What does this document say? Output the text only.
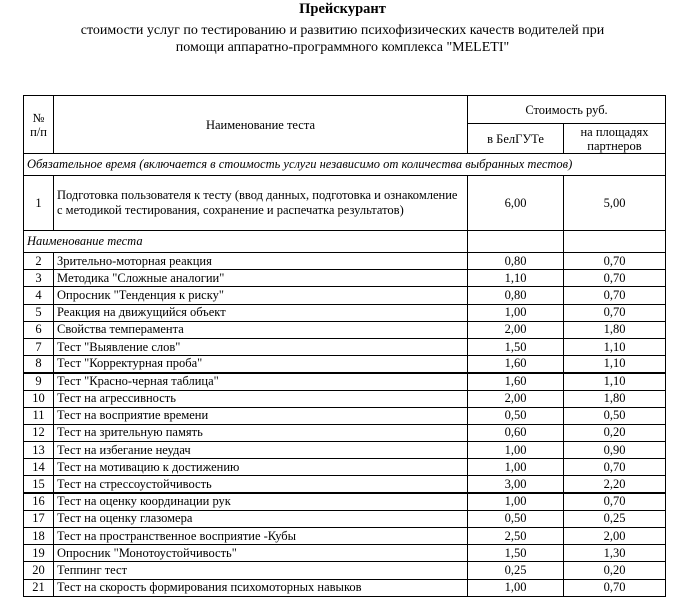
Прейскурант
стоимости услуг по тестированию и развитию психофизических качеств водителей при
помощи аппаратно-программного комплекса "MELETI"
№ п/п	Наименование теста	Стоимость руб.	
		в БелГУТе	на площадях партнеров
Обязательное время (включается в стоимость услуги независимо от количества выбранных тестов)			
1	Подготовка пользователя к тесту (ввод данных, подготовка и ознакомление с методикой тестирования, сохранение и распечатка результатов)	6,00	5,00
Наименование теста			
2	Зрительно-моторная реакция	0,80	0,70
3	Методика "Сложные аналогии"	1,10	0,70
4	Опросник "Тенденция к риску"	0,80	0,70
5	Реакция на движущийся объект	1,00	0,70
6	Свойства темперамента	2,00	1,80
7	Тест "Выявление слов"	1,50	1,10
8	Тест "Корректурная проба"	1,60	1,10
9	Тест "Красно-черная таблица"	1,60	1,10
10	Тест на агрессивность	2,00	1,80
11	Тест на восприятие времени	0,50	0,50
12	Тест на зрительную память	0,60	0,20
13	Тест на избегание неудач	1,00	0,90
14	Тест на мотивацию к достижению	1,00	0,70
15	Тест на стрессоустойчивость	3,00	2,20
16	Тест на оценку координации рук	1,00	0,70
17	Тест на оценку глазомера	0,50	0,25
18	Тест на пространственное восприятие -Кубы	2,50	2,00
19	Опросник "Монотоустойчивость"	1,50	1,30
20	Теппинг тест	0,25	0,20
21	Тест на скорость формирования психомоторных навыков	1,00	0,70
